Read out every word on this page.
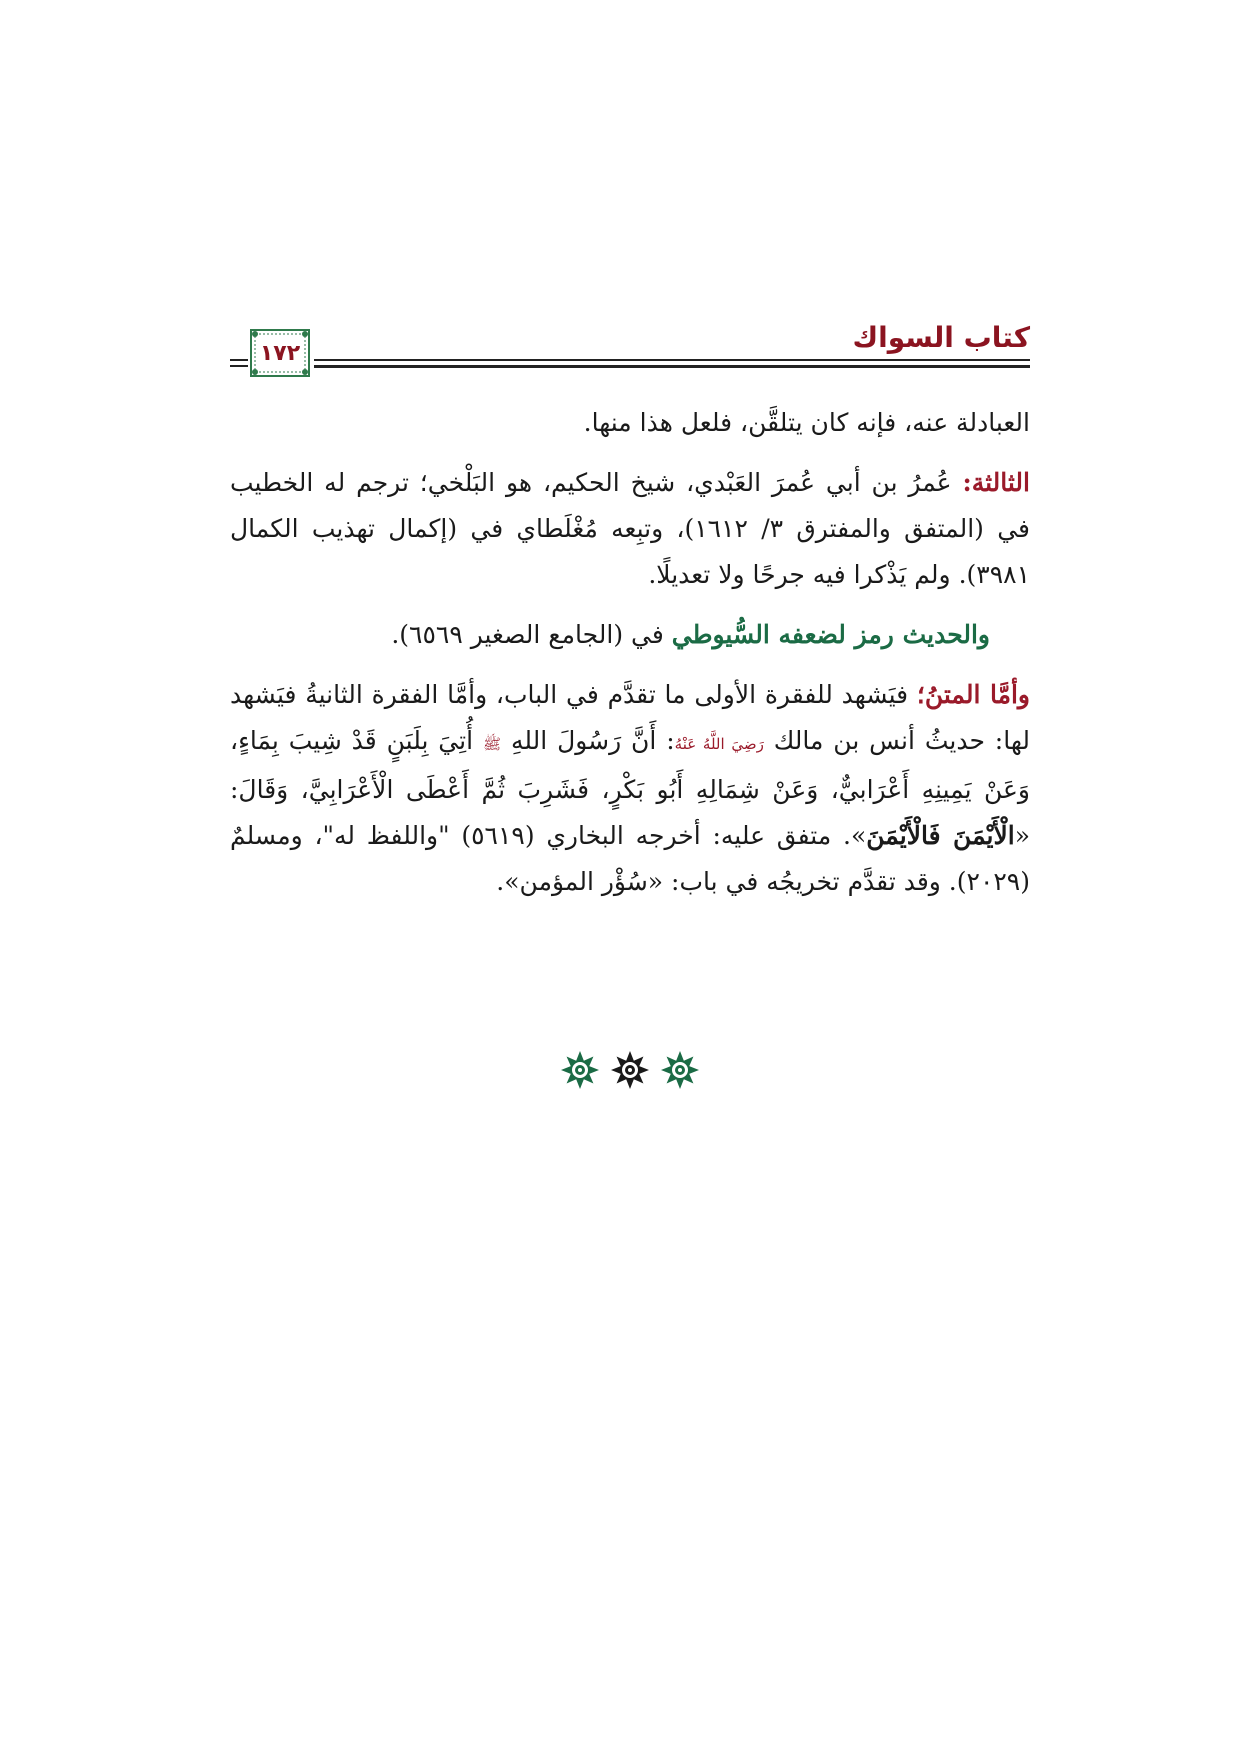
كتاب السواك
١٧٢

العبادلة عنه، فإنه كان يتلقَّن، فلعل هذا منها.

الثالثة: عُمرُ بن أبي عُمرَ العَبْدي، شيخ الحكيم، هو البَلْخي؛ ترجم له الخطيب في (المتفق والمفترق ٣/ ١٦١٢)، وتبِعه مُغْلَطاي في (إكمال تهذيب الكمال ٣٩٨١). ولم يَذْكرا فيه جرحًا ولا تعديلًا.

والحديث رمز لضعفه السُّيوطي في (الجامع الصغير ٦٥٦٩).

وأمَّا المتنُ؛ فيَشهد للفقرة الأولى ما تقدَّم في الباب، وأمَّا الفقرة الثانيةُ فيَشهد لها: حديثُ أنس بن مالك رَضِيَ اللَّهُ عَنْهُ: أَنَّ رَسُولَ اللهِ ﷺ أُتِيَ بِلَبَنٍ قَدْ شِيبَ بِمَاءٍ، وَعَنْ يَمِينِهِ أَعْرَابيٌّ، وَعَنْ شِمَالِهِ أَبُو بَكْرٍ، فَشَرِبَ ثُمَّ أَعْطَى الْأَعْرَابِيَّ، وَقَالَ: «الْأَيْمَنَ فَالْأَيْمَنَ». متفق عليه: أخرجه البخاري (٥٦١٩) "واللفظ له"، ومسلمٌ (٢٠٢٩). وقد تقدَّم تخريجُه في باب: «سُؤْر المؤمن».
